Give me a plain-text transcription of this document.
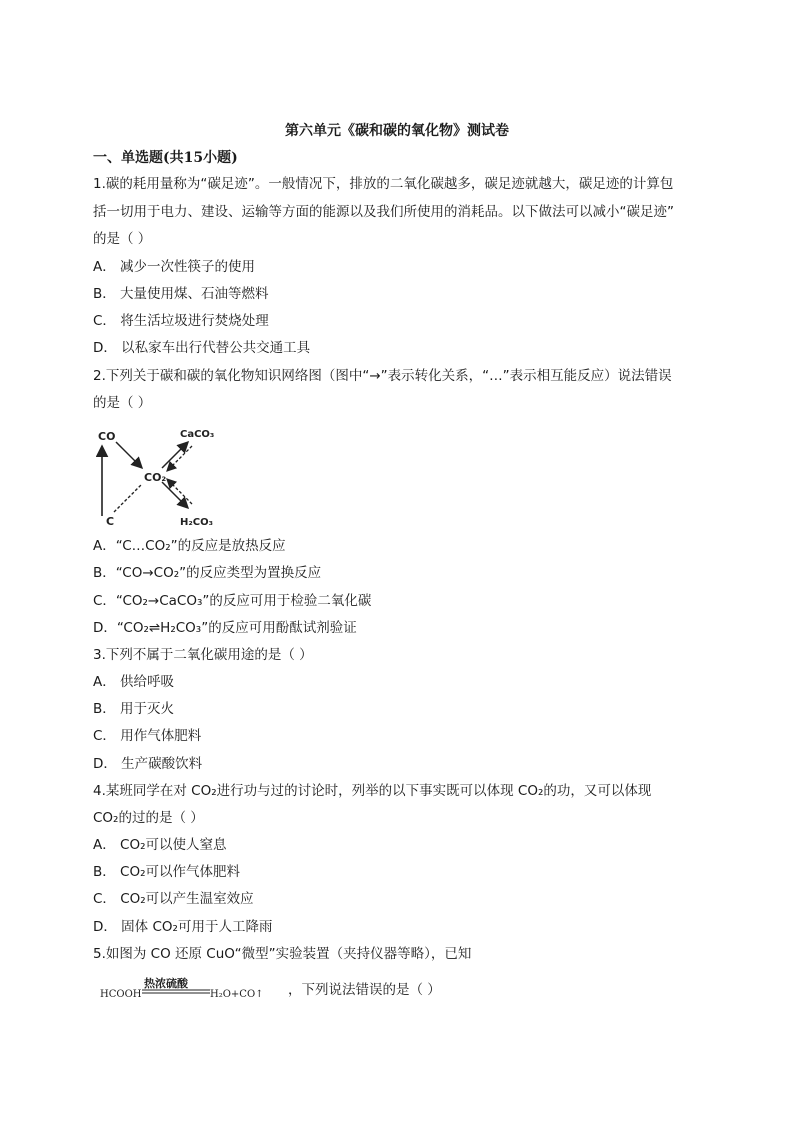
第六单元《碳和碳的氧化物》测试卷
一、单选题(共15小题)
1.碳的耗用量称为“碳足迹”。一般情况下，排放的二氧化碳越多，碳足迹就越大，碳足迹的计算包
括一切用于电力、建设、运输等方面的能源以及我们所使用的消耗品。以下做法可以减小“碳足迹”
的是（ ）
A． 减少一次性筷子的使用
B． 大量使用煤、石油等燃料
C． 将生活垃圾进行焚烧处理
D． 以私家车出行代替公共交通工具
2.下列关于碳和碳的氧化物知识网络图（图中“→”表示转化关系，“…”表示相互能反应）说法错误
的是（ ）
CO	CaCO₃
CO₂
C	H₂CO₃
A．“C…CO₂”的反应是放热反应
B．“CO→CO₂”的反应类型为置换反应
C．“CO₂→CaCO₃”的反应可用于检验二氧化碳
D．“CO₂⇌H₂CO₃”的反应可用酚酞试剂验证
3.下列不属于二氧化碳用途的是（ ）
A． 供给呼吸
B． 用于灭火
C． 用作气体肥料
D． 生产碳酸饮料
4.某班同学在对 CO₂进行功与过的讨论时，列举的以下事实既可以体现 CO₂的功，又可以体现
CO₂的过的是（ ）
A． CO₂可以使人窒息
B． CO₂可以作气体肥料
C． CO₂可以产生温室效应
D． 固体 CO₂可用于人工降雨
5.如图为 CO 还原 CuO“微型”实验装置（夹持仪器等略），已知
HCOOH
热浓硫酸
H₂O+CO↑ ，下列说法错误的是（ ）
